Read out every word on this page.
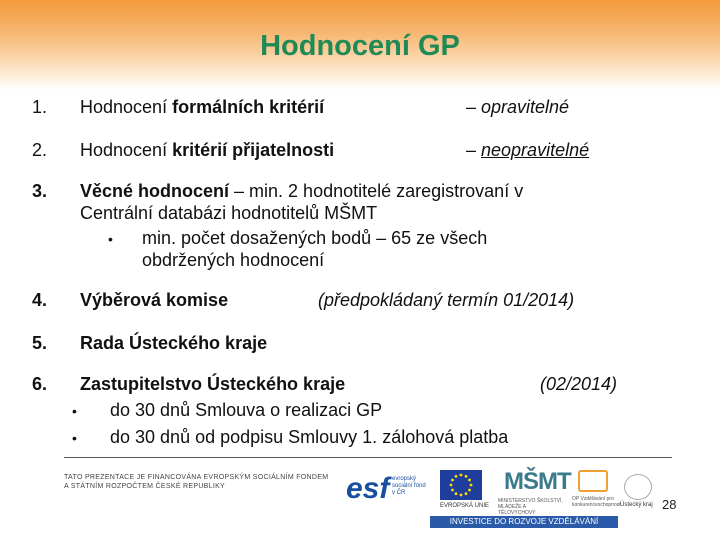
Hodnocení GP
1. Hodnocení formálních kritérií	– opravitelné
2. Hodnocení kritérií přijatelnosti	– neopravitelné
3. Věcné hodnocení – min. 2 hodnotitelé zaregistrovaní v
Centrální databázi hodnotitelů MŠMT
• min. počet dosažených bodů – 65 ze všech
obdržených hodnocení
4. Výběrová komise	(předpokládaný termín 01/2014)
5. Rada Ústeckého kraje
6. Zastupitelstvo Ústeckého kraje	(02/2014)
• do 30 dnů Smlouva o realizaci GP
• do 30 dnů od podpisu Smlouvy 1. zálohová platba
TATO PREZENTACE JE FINANCOVÁNA EVROPSKÝM SOCIÁLNÍM FONDEM A STÁTNÍM ROZPOČTEM ČESKÉ REPUBLIKY	esf evropský sociální fond v ČR
EVROPSKÁ UNIE
MŠMT
MINISTERSTVO ŠKOLSTVÍ, MLÁDEŽE A TĚLOVÝCHOVY
OP Vzdělávání pro konkurenceschopnost Ústecký kraj
INVESTICE DO ROZVOJE VZDĚLÁVÁNÍ
28
